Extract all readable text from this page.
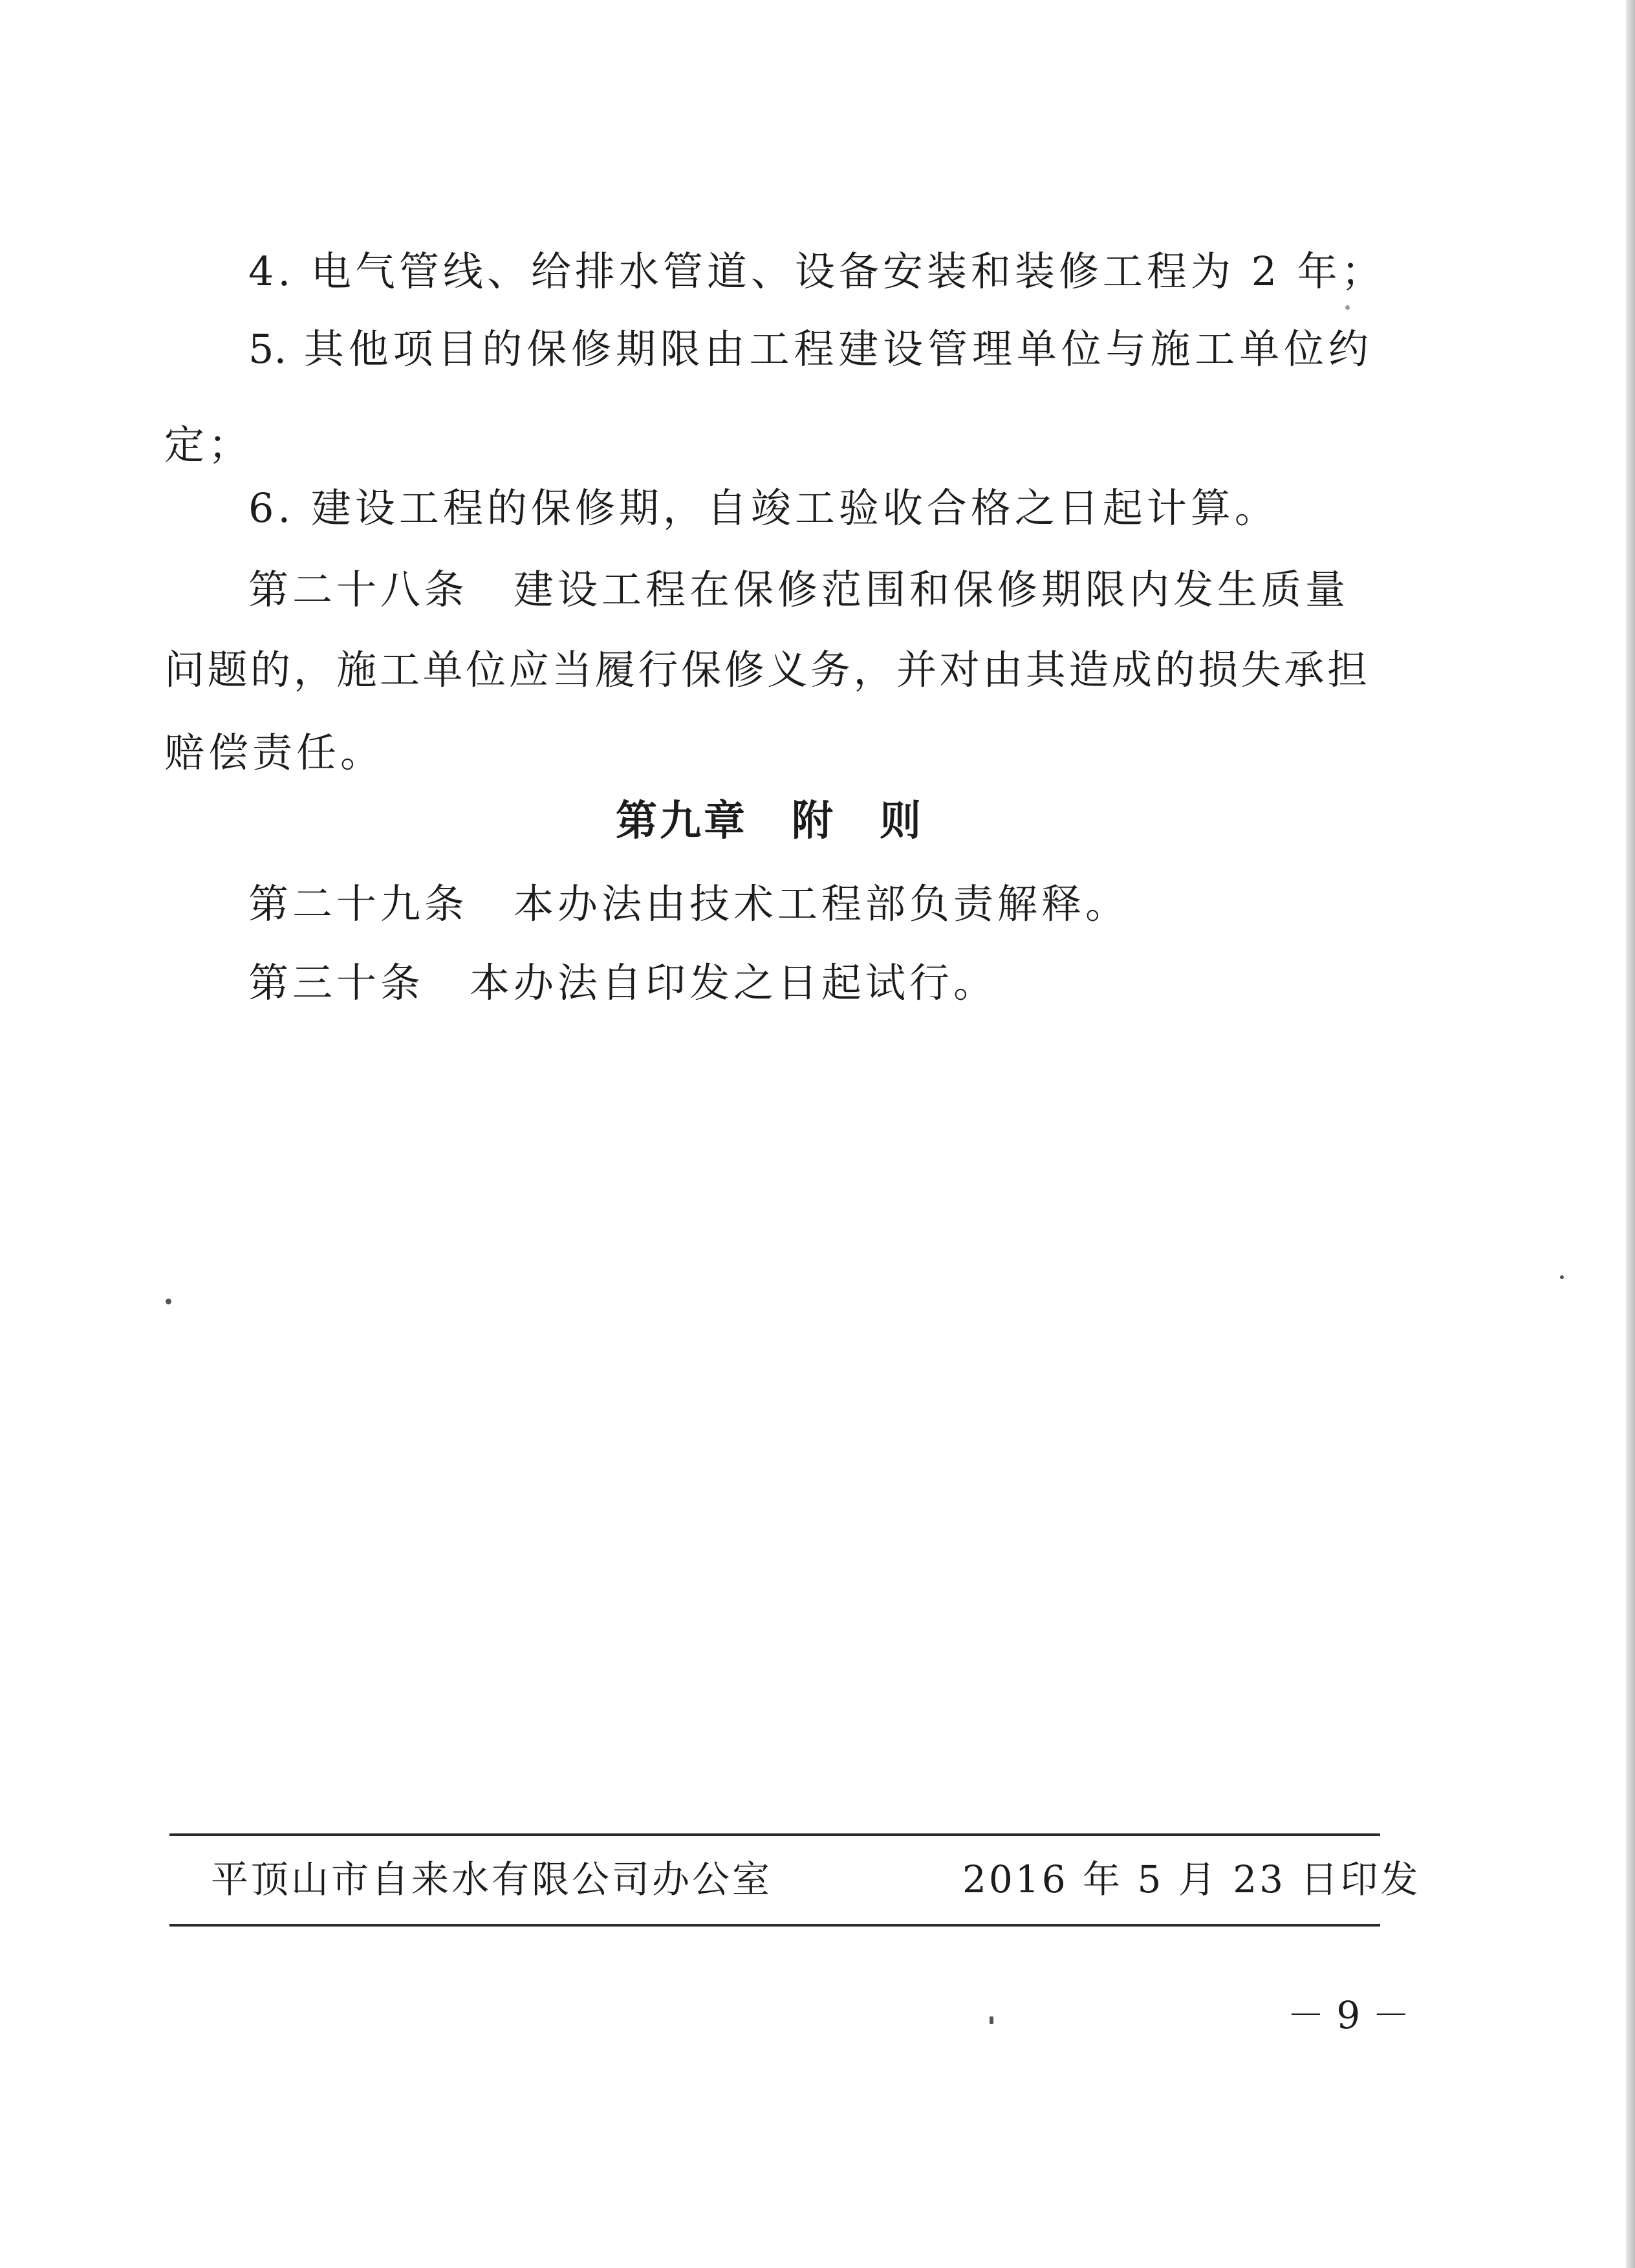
4. 电气管线、给排水管道、设备安装和装修工程为 2 年；
5. 其他项目的保修期限由工程建设管理单位与施工单位约
定；
6. 建设工程的保修期，自竣工验收合格之日起计算。
第二十八条 建设工程在保修范围和保修期限内发生质量
问题的，施工单位应当履行保修义务，并对由其造成的损失承担
赔偿责任。
第九章　附　则
第二十九条 本办法由技术工程部负责解释。
第三十条 本办法自印发之日起试行。
平顶山市自来水有限公司办公室	2016 年 5 月 23 日印发
－ 9 －
